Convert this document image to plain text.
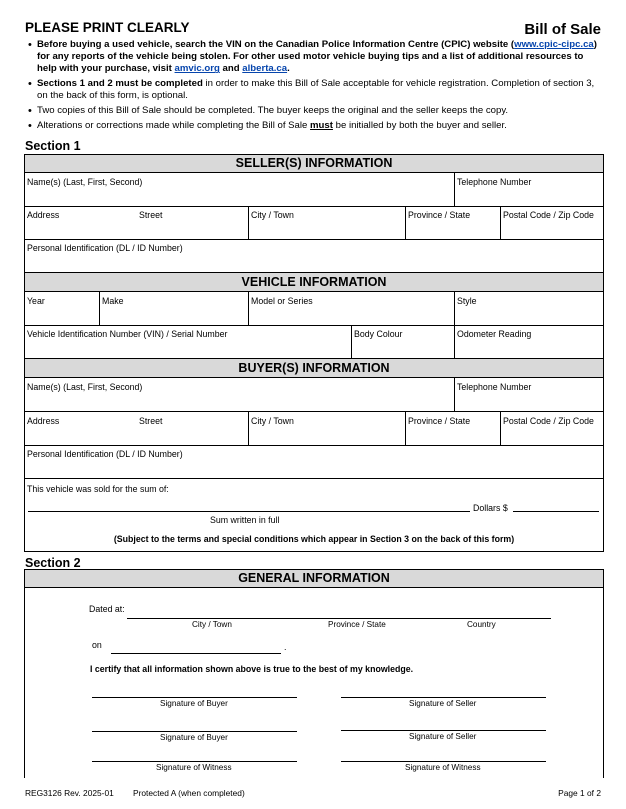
PLEASE PRINT CLEARLY	Bill of Sale
• Before buying a used vehicle, search the VIN on the Canadian Police Information Centre (CPIC) website (www.cpic-cipc.ca) for any reports of the vehicle being stolen. For other used motor vehicle buying tips and a list of additional resources to help with your purchase, visit amvic.org and alberta.ca.
• Sections 1 and 2 must be completed in order to make this Bill of Sale acceptable for vehicle registration. Completion of section 3, on the back of this form, is optional.
• Two copies of this Bill of Sale should be completed. The buyer keeps the original and the seller keeps the copy.
• Alterations or corrections made while completing the Bill of Sale must be initialled by both the buyer and seller.
Section 1
SELLER(S) INFORMATION
Name(s) (Last, First, Second)	Telephone Number
Address	Street	City / Town	Province / State	Postal Code / Zip Code
Personal Identification (DL / ID Number)
VEHICLE INFORMATION
Year	Make	Model or Series	Style
Vehicle Identification Number (VIN) / Serial Number	Body Colour	Odometer Reading
BUYER(S) INFORMATION
Name(s) (Last, First, Second)	Telephone Number
Address	Street	City / Town	Province / State	Postal Code / Zip Code
Personal Identification (DL / ID Number)
This vehicle was sold for the sum of:
Dollars $
Sum written in full
(Subject to the terms and special conditions which appear in Section 3 on the back of this form)
Section 2
GENERAL INFORMATION
Dated at:
City / Town	Province / State	Country
on	.
I certify that all information shown above is true to the best of my knowledge.
Signature of Buyer	Signature of Seller
Signature of Buyer	Signature of Seller
Signature of Witness	Signature of Witness
REG3126 Rev. 2025-01 Protected A (when completed)	Page 1 of 2
